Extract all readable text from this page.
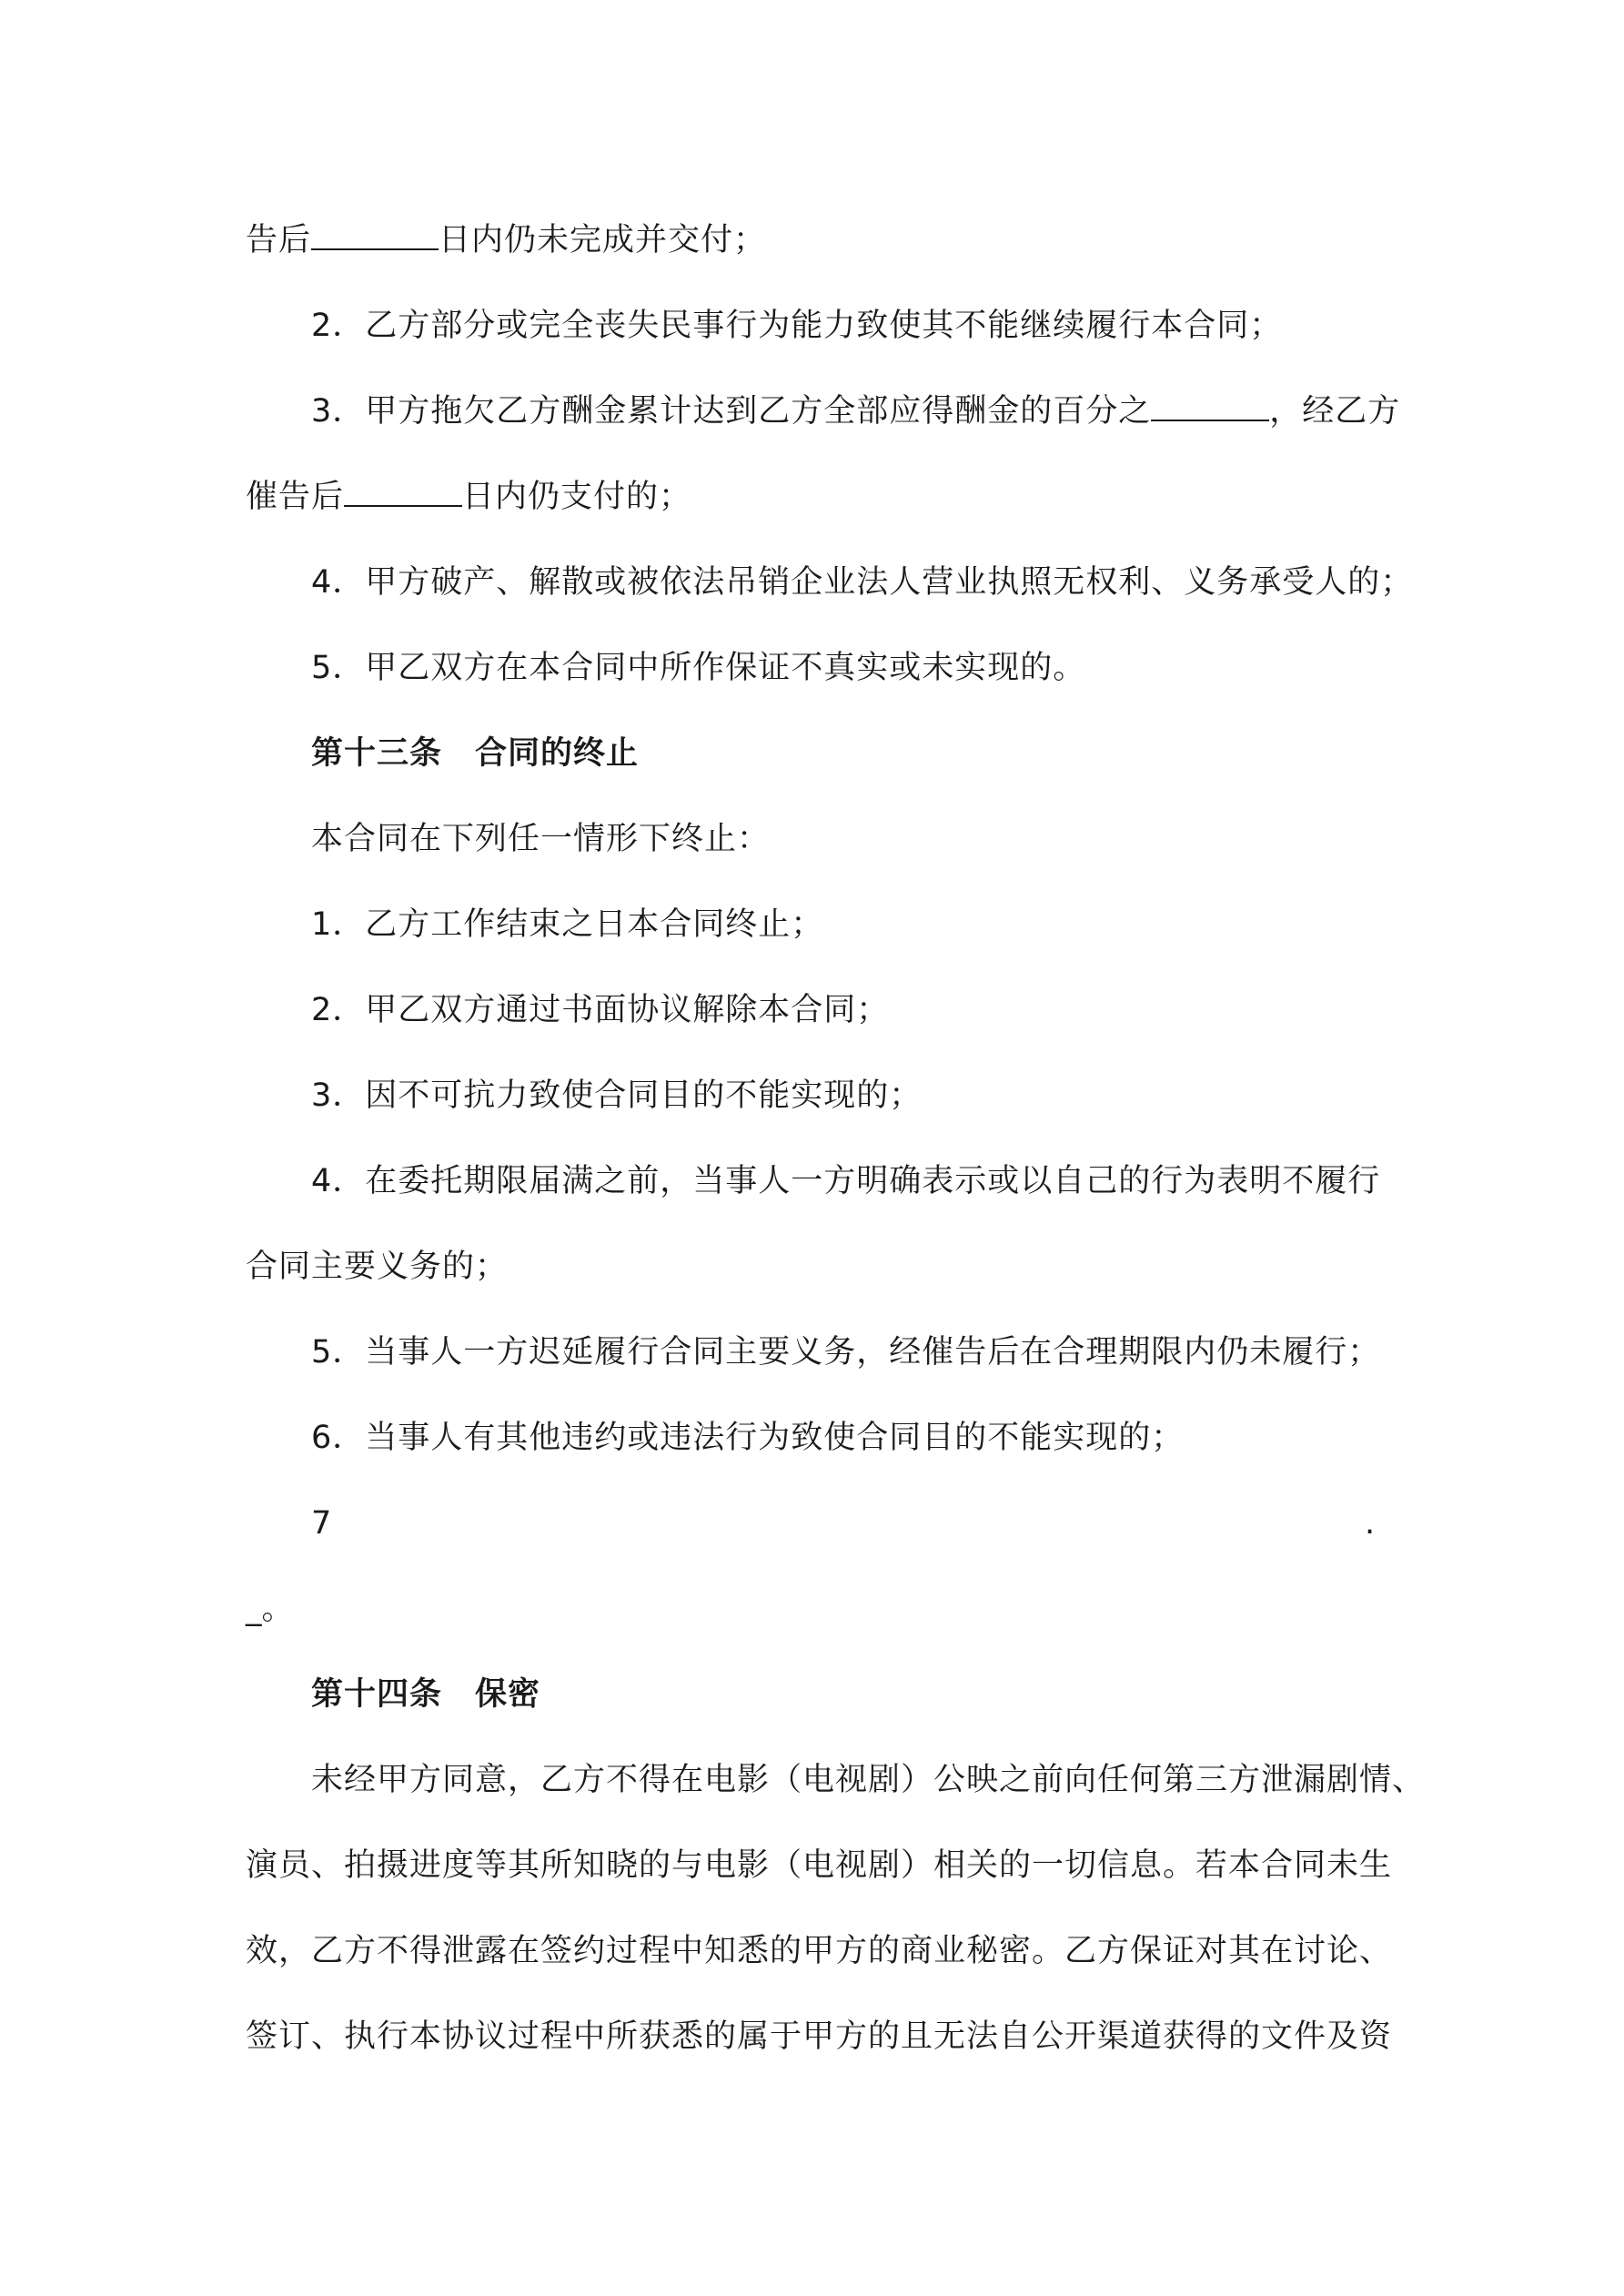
告后	日内仍未完成并交付；
2．乙方部分或完全丧失民事行为能力致使其不能继续履行本合同；
3．甲方拖欠乙方酬金累计达到乙方全部应得酬金的百分之	，经乙方
催告后	日内仍支付的；
4．甲方破产、解散或被依法吊销企业法人营业执照无权利、义务承受人的；
5．甲乙双方在本合同中所作保证不真实或未实现的。
第十三条　合同的终止
本合同在下列任一情形下终止：
1．乙方工作结束之日本合同终止；
2．甲乙双方通过书面协议解除本合同；
3．因不可抗力致使合同目的不能实现的；
4．在委托期限届满之前，当事人一方明确表示或以自己的行为表明不履行
合同主要义务的；
5．当事人一方迟延履行合同主要义务，经催告后在合理期限内仍未履行；
6．当事人有其他违约或违法行为致使合同目的不能实现的；
7	.
_。
第十四条　保密
未经甲方同意，乙方不得在电影（电视剧）公映之前向任何第三方泄漏剧情、
演员、拍摄进度等其所知晓的与电影（电视剧）相关的一切信息。若本合同未生
效，乙方不得泄露在签约过程中知悉的甲方的商业秘密。乙方保证对其在讨论、
签订、执行本协议过程中所获悉的属于甲方的且无法自公开渠道获得的文件及资
